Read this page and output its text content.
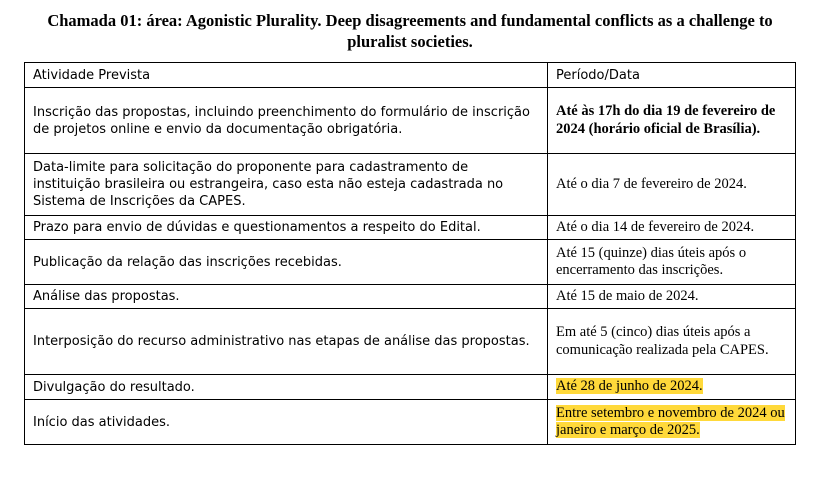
Chamada 01: área: Agonistic Plurality. Deep disagreements and fundamental conflicts as a challenge to pluralist societies.
Atividade Prevista	Período/Data
Inscrição das propostas, incluindo preenchimento do formulário de inscrição de projetos online e envio da documentação obrigatória.	Até às 17h do dia 19 de fevereiro de 2024 (horário oficial de Brasília).
Data-limite para solicitação do proponente para cadastramento de instituição brasileira ou estrangeira, caso esta não esteja cadastrada no Sistema de Inscrições da CAPES.	Até o dia 7 de fevereiro de 2024.
Prazo para envio de dúvidas e questionamentos a respeito do Edital.	Até o dia 14 de fevereiro de 2024.
Publicação da relação das inscrições recebidas.	Até 15 (quinze) dias úteis após o encerramento das inscrições.
Análise das propostas.	Até 15 de maio de 2024.
Interposição do recurso administrativo nas etapas de análise das propostas.	Em até 5 (cinco) dias úteis após a comunicação realizada pela CAPES.
Divulgação do resultado.	Até 28 de junho de 2024.
Início das atividades.	Entre setembro e novembro de 2024 ou janeiro e março de 2025.
